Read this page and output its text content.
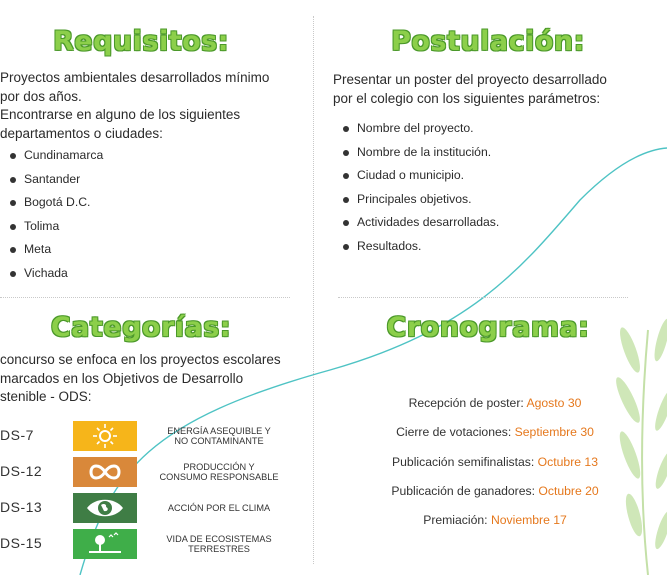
Requisitos:

Proyectos ambientales desarrollados mínimo

por dos años.

Encontrarse en alguno de los siguientes

departamentos o ciudades:

Cundinamarca
Santander
Bogotá D.C.
Tolima
Meta
Vichada
Postulación:

Presentar un poster del proyecto desarrollado

por el colegio con los siguientes parámetros:

Nombre del proyecto.
Nombre de la institución.
Ciudad o municipio.
Principales objetivos.
Actividades desarrolladas.
Resultados.
Categorías:

concurso se enfoca en los proyectos escolares

marcados en los Objetivos de Desarrollo

stenible - ODS:

DS-7	ENERGÍA ASEQUIBLE Y
NO CONTAMINANTE
DS-12	PRODUCCIÓN Y
CONSUMO RESPONSABLE
DS-13	ACCIÓN POR EL CLIMA
DS-15	VIDA DE ECOSISTEMAS
TERRESTRES
Cronograma:
Recepción de poster: Agosto 30
Cierre de votaciones: Septiembre 30
Publicación semifinalistas: Octubre 13
Publicación de ganadores: Octubre 20
Premiación: Noviembre 17
